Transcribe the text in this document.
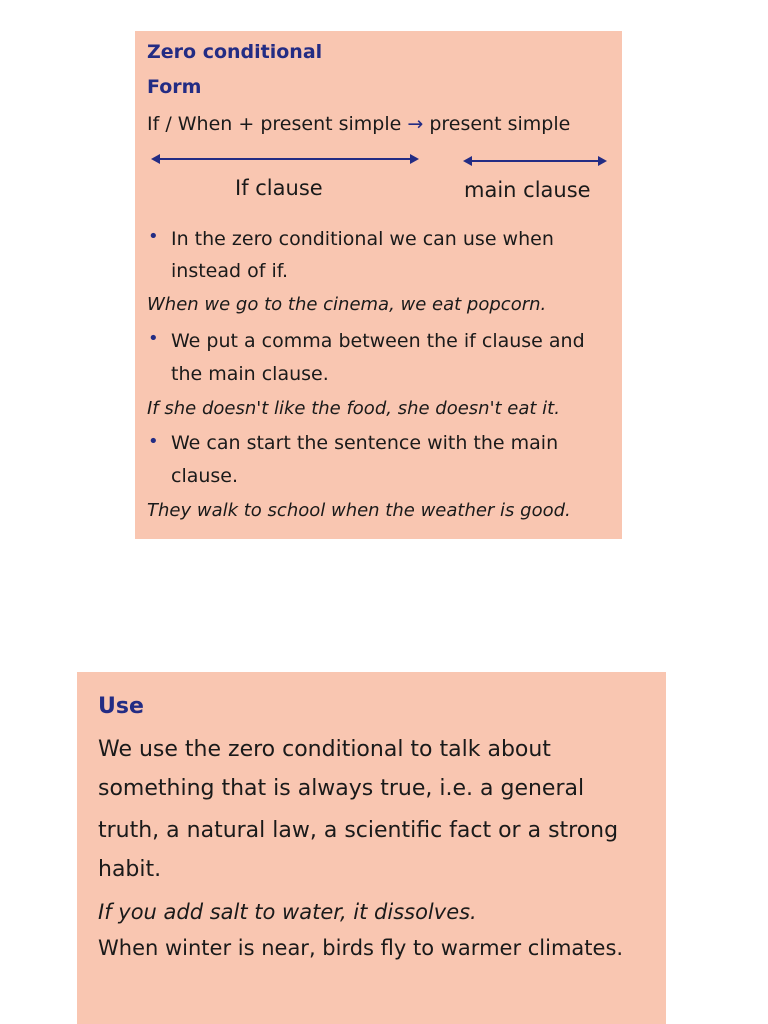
Zero conditional
Form
If / When + present simple → present simple
If clause	main clause
• In the zero conditional we can use when
instead of if.
When we go to the cinema, we eat popcorn.
• We put a comma between the if clause and
the main clause.
If she doesn't like the food, she doesn't eat it.
• We can start the sentence with the main
clause.
They walk to school when the weather is good.
Use
We use the zero conditional to talk about
something that is always true, i.e. a general
truth, a natural law, a scientific fact or a strong
habit.
If you add salt to water, it dissolves.
When winter is near, birds fly to warmer climates.
